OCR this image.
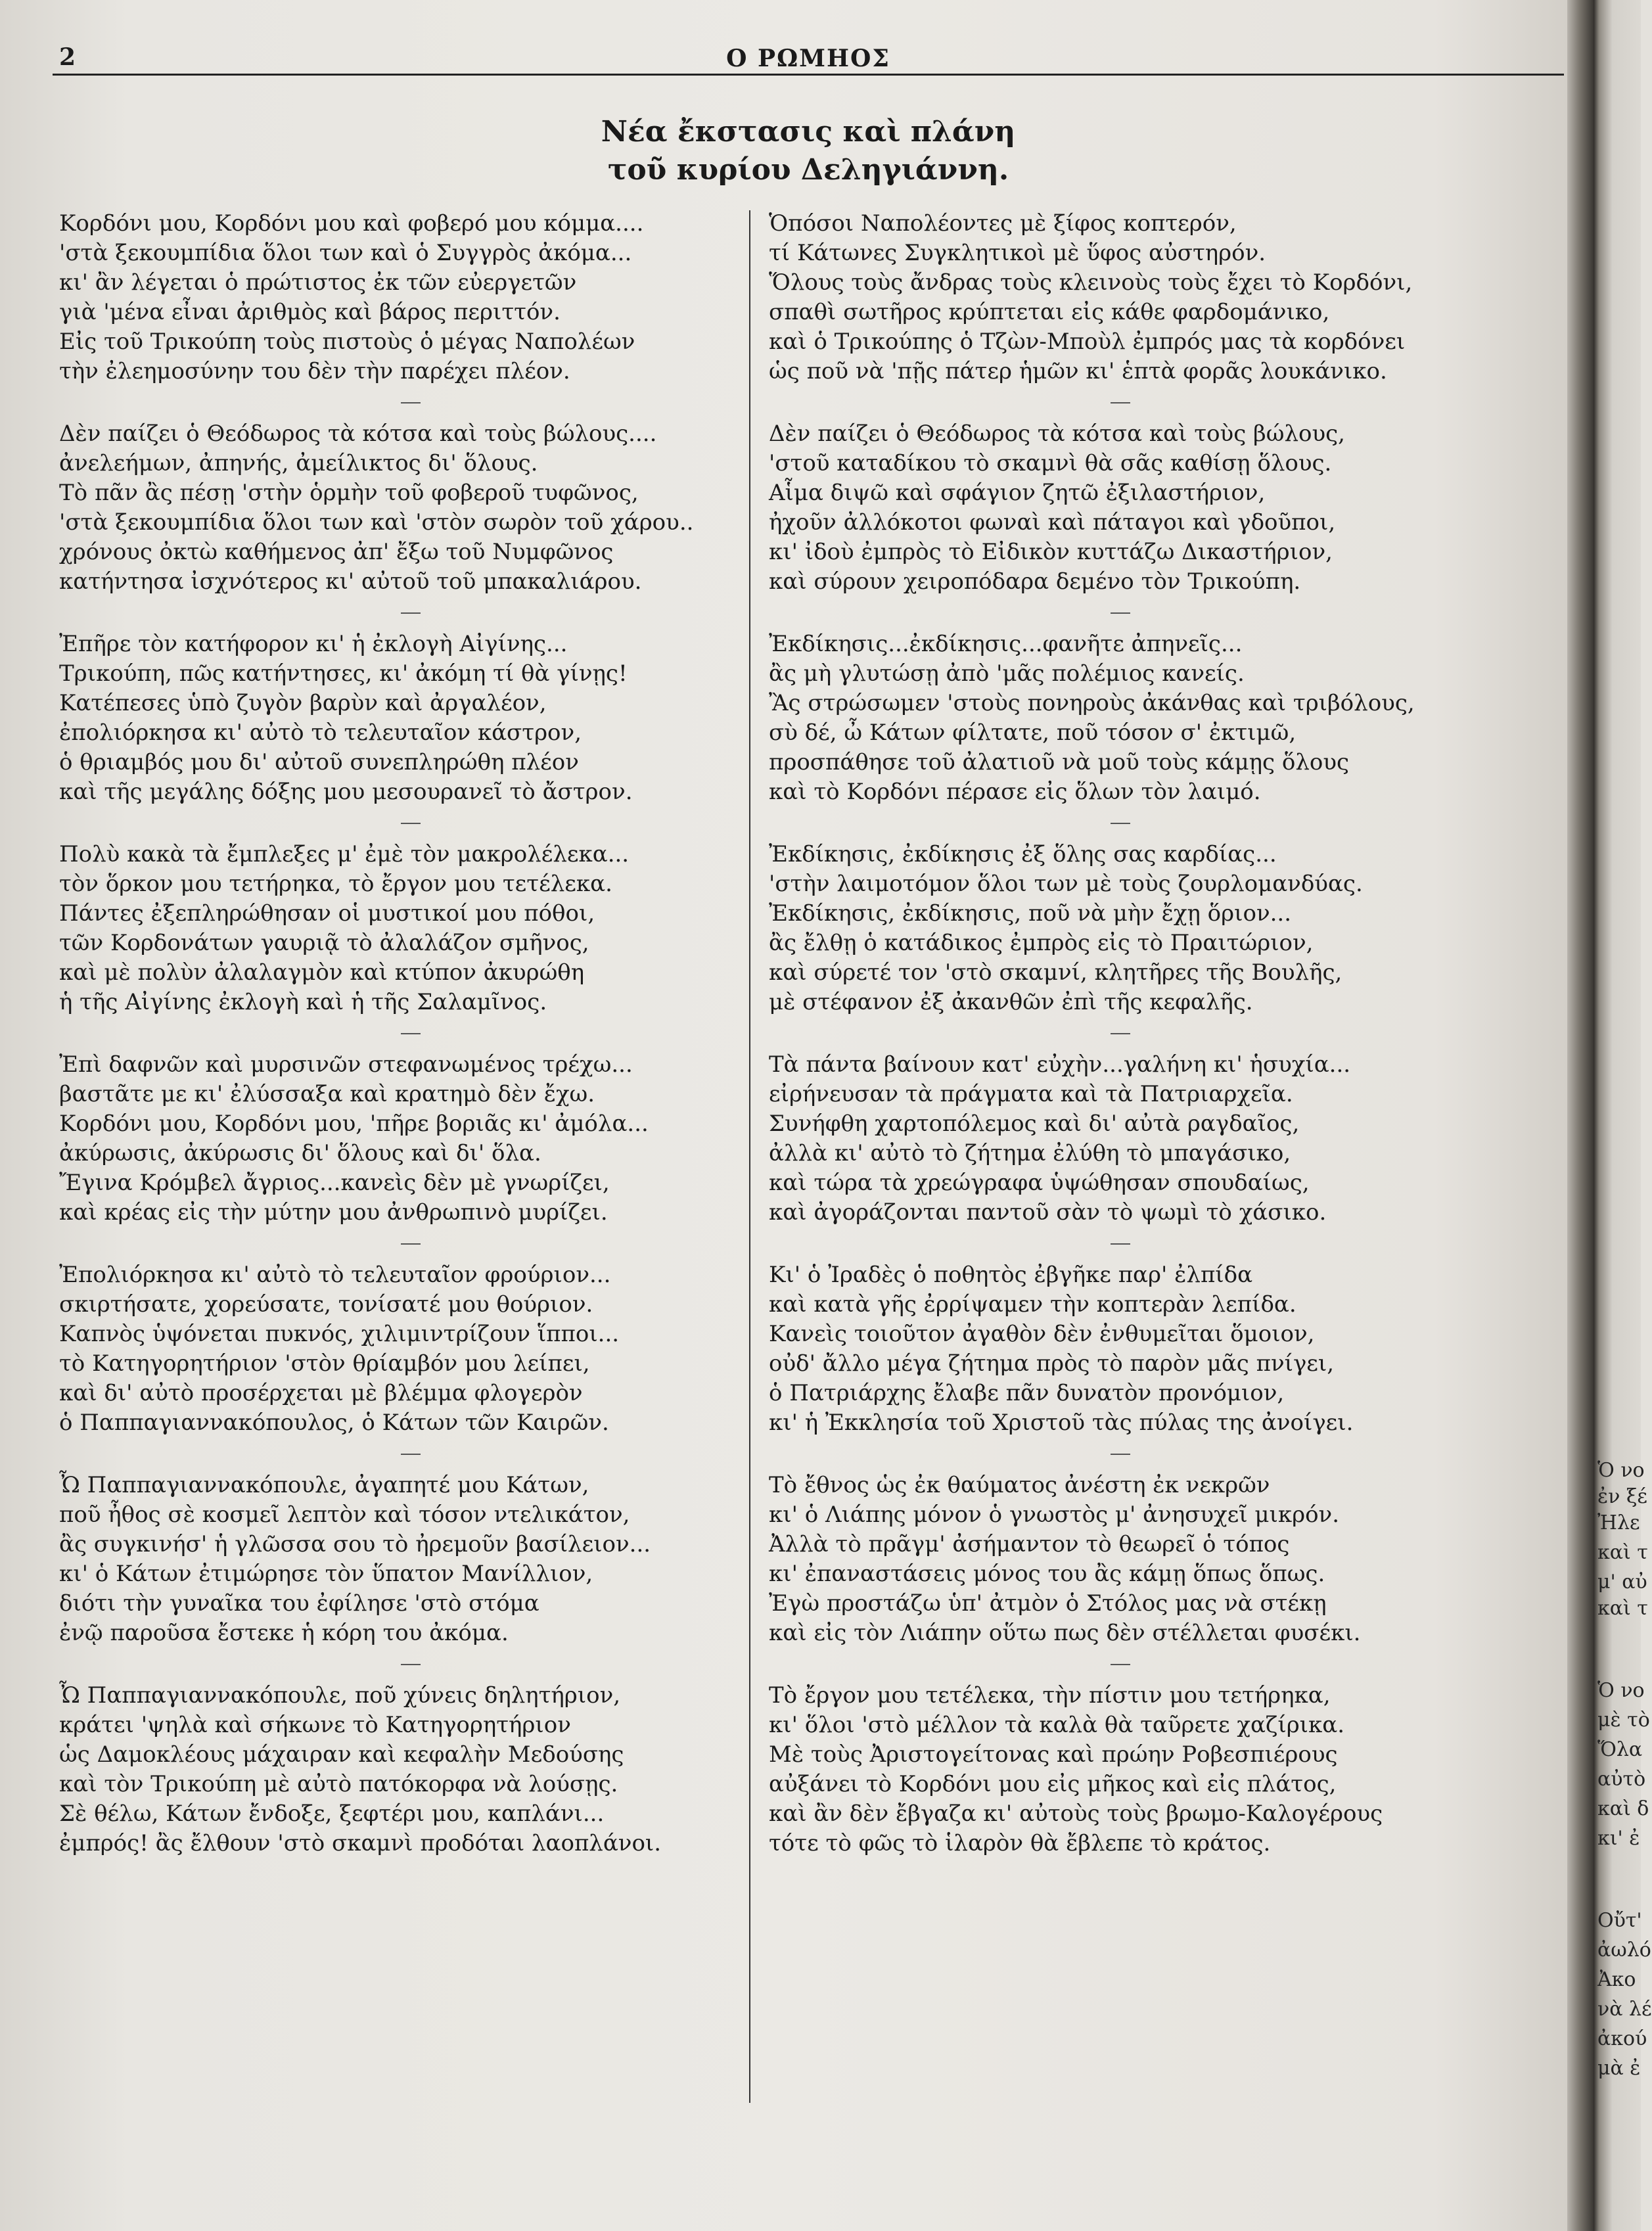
2	Ο ΡΩΜΗΟΣ
Νέα ἔκστασις καὶ πλάνη
τοῦ κυρίου Δεληγιάννη.
Κορδόνι μου, Κορδόνι μου καὶ φοβερό μου κόμμα....
'στὰ ξεκουμπίδια ὅλοι των καὶ ὁ Συγγρὸς ἀκόμα...
κι' ἂν λέγεται ὁ πρώτιστος ἐκ τῶν εὐεργετῶν
γιὰ 'μένα εἶναι ἀριθμὸς καὶ βάρος περιττόν.
Εἰς τοῦ Τρικούπη τοὺς πιστοὺς ὁ μέγας Ναπολέων
τὴν ἐλεημοσύνην του δὲν τὴν παρέχει πλέον.
Δὲν παίζει ὁ Θεόδωρος τὰ κότσα καὶ τοὺς βώλους....
ἀνελεήμων, ἀπηνής, ἀμείλικτος δι' ὅλους.
Τὸ πᾶν ἂς πέσῃ 'στὴν ὁρμὴν τοῦ φοβεροῦ τυφῶνος,
'στὰ ξεκουμπίδια ὅλοι των καὶ 'στὸν σωρὸν τοῦ χάρου..
χρόνους ὀκτὼ καθήμενος ἀπ' ἔξω τοῦ Νυμφῶνος
κατήντησα ἰσχνότερος κι' αὐτοῦ τοῦ μπακαλιάρου.
Ἐπῆρε τὸν κατήφορον κι' ἡ ἐκλογὴ Αἰγίνης...
Τρικούπη, πῶς κατήντησες, κι' ἀκόμη τί θὰ γίνῃς!
Κατέπεσες ὑπὸ ζυγὸν βαρὺν καὶ ἀργαλέον,
ἐπολιόρκησα κι' αὐτὸ τὸ τελευταῖον κάστρον,
ὁ θριαμβός μου δι' αὐτοῦ συνεπληρώθη πλέον
καὶ τῆς μεγάλης δόξης μου μεσουρανεῖ τὸ ἄστρον.
Πολὺ κακὰ τὰ ἔμπλεξες μ' ἐμὲ τὸν μακρολέλεκα...
τὸν ὅρκον μου τετήρηκα, τὸ ἔργον μου τετέλεκα.
Πάντες ἐξεπληρώθησαν οἱ μυστικοί μου πόθοι,
τῶν Κορδονάτων γαυριᾷ τὸ ἀλαλάζον σμῆνος,
καὶ μὲ πολὺν ἀλαλαγμὸν καὶ κτύπον ἀκυρώθη
ἡ τῆς Αἰγίνης ἐκλογὴ καὶ ἡ τῆς Σαλαμῖνος.
Ἐπὶ δαφνῶν καὶ μυρσινῶν στεφανωμένος τρέχω...
βαστᾶτε με κι' ἐλύσσαξα καὶ κρατημὸ δὲν ἔχω.
Κορδόνι μου, Κορδόνι μου, 'πῆρε βοριᾶς κι' ἀμόλα...
ἀκύρωσις, ἀκύρωσις δι' ὅλους καὶ δι' ὅλα.
Ἔγινα Κρόμβελ ἄγριος...κανεὶς δὲν μὲ γνωρίζει,
καὶ κρέας εἰς τὴν μύτην μου ἀνθρωπινὸ μυρίζει.
Ἐπολιόρκησα κι' αὐτὸ τὸ τελευταῖον φρούριον...
σκιρτήσατε, χορεύσατε, τονίσατέ μου θούριον.
Καπνὸς ὑψόνεται πυκνός, χιλιμιντρίζουν ἵπποι...
τὸ Κατηγορητήριον 'στὸν θρίαμβόν μου λείπει,
καὶ δι' αὐτὸ προσέρχεται μὲ βλέμμα φλογερὸν
ὁ Παππαγιαννακόπουλος, ὁ Κάτων τῶν Καιρῶν.
Ὦ Παππαγιαννακόπουλε, ἀγαπητέ μου Κάτων,
ποῦ ἦθος σὲ κοσμεῖ λεπτὸν καὶ τόσον ντελικάτον,
ἂς συγκινήσ' ἡ γλῶσσα σου τὸ ἠρεμοῦν βασίλειον...
κι' ὁ Κάτων ἐτιμώρησε τὸν ὕπατον Μανίλλιον,
διότι τὴν γυναῖκα του ἐφίλησε 'στὸ στόμα
ἐνῷ παροῦσα ἔστεκε ἡ κόρη του ἀκόμα.
Ὦ Παππαγιαννακόπουλε, ποῦ χύνεις δηλητήριον,
κράτει 'ψηλὰ καὶ σήκωνε τὸ Κατηγορητήριον
ὡς Δαμοκλέους μάχαιραν καὶ κεφαλὴν Μεδούσης
καὶ τὸν Τρικούπη μὲ αὐτὸ πατόκορφα νὰ λούσῃς.
Σὲ θέλω, Κάτων ἔνδοξε, ξεφτέρι μου, καπλάνι...
ἐμπρός! ἂς ἔλθουν 'στὸ σκαμνὶ προδόται λαοπλάνοι.
Ὁπόσοι Ναπολέοντες μὲ ξίφος κοπτερόν,
τί Κάτωνες Συγκλητικοὶ μὲ ὕφος αὐστηρόν.
Ὅλους τοὺς ἄνδρας τοὺς κλεινοὺς τοὺς ἔχει τὸ Κορδόνι,
σπαθὶ σωτῆρος κρύπτεται εἰς κάθε φαρδομάνικο,
καὶ ὁ Τρικούπης ὁ Τζὼν-Μποὺλ ἐμπρός μας τὰ κορδόνει
ὡς ποῦ νὰ 'πῇς πάτερ ἡμῶν κι' ἑπτὰ φορᾶς λουκάνικο.
Δὲν παίζει ὁ Θεόδωρος τὰ κότσα καὶ τοὺς βώλους,
'στοῦ καταδίκου τὸ σκαμνὶ θὰ σᾶς καθίσῃ ὅλους.
Αἷμα διψῶ καὶ σφάγιον ζητῶ ἐξιλαστήριον,
ἠχοῦν ἀλλόκοτοι φωναὶ καὶ πάταγοι καὶ γδοῦποι,
κι' ἰδοὺ ἐμπρὸς τὸ Εἰδικὸν κυττάζω Δικαστήριον,
καὶ σύρουν χειροπόδαρα δεμένο τὸν Τρικούπη.
Ἐκδίκησις...ἐκδίκησις...φανῆτε ἀπηνεῖς...
ἂς μὴ γλυτώσῃ ἀπὸ 'μᾶς πολέμιος κανείς.
Ἂς στρώσωμεν 'στοὺς πονηροὺς ἀκάνθας καὶ τριβόλους,
σὺ δέ, ὦ Κάτων φίλτατε, ποῦ τόσον σ' ἐκτιμῶ,
προσπάθησε τοῦ ἀλατιοῦ νὰ μοῦ τοὺς κάμῃς ὅλους
καὶ τὸ Κορδόνι πέρασε εἰς ὅλων τὸν λαιμό.
Ἐκδίκησις, ἐκδίκησις ἐξ ὅλης σας καρδίας...
'στὴν λαιμοτόμον ὅλοι των μὲ τοὺς ζουρλομανδύας.
Ἐκδίκησις, ἐκδίκησις, ποῦ νὰ μὴν ἔχῃ ὅριον...
ἂς ἔλθῃ ὁ κατάδικος ἐμπρὸς εἰς τὸ Πραιτώριον,
καὶ σύρετέ τον 'στὸ σκαμνί, κλητῆρες τῆς Βουλῆς,
μὲ στέφανον ἐξ ἀκανθῶν ἐπὶ τῆς κεφαλῆς.
Τὰ πάντα βαίνουν κατ' εὐχὴν...γαλήνη κι' ἡσυχία...
εἰρήνευσαν τὰ πράγματα καὶ τὰ Πατριαρχεῖα.
Συνήφθη χαρτοπόλεμος καὶ δι' αὐτὰ ραγδαῖος,
ἀλλὰ κι' αὐτὸ τὸ ζήτημα ἐλύθη τὸ μπαγάσικο,
καὶ τώρα τὰ χρεώγραφα ὑψώθησαν σπουδαίως,
καὶ ἀγοράζονται παντοῦ σὰν τὸ ψωμὶ τὸ χάσικο.
Κι' ὁ Ἰραδὲς ὁ ποθητὸς ἐβγῆκε παρ' ἐλπίδα
καὶ κατὰ γῆς ἐρρίψαμεν τὴν κοπτερὰν λεπίδα.
Κανεὶς τοιοῦτον ἀγαθὸν δὲν ἐνθυμεῖται ὅμοιον,
οὐδ' ἄλλο μέγα ζήτημα πρὸς τὸ παρὸν μᾶς πνίγει,
ὁ Πατριάρχης ἔλαβε πᾶν δυνατὸν προνόμιον,
κι' ἡ Ἐκκλησία τοῦ Χριστοῦ τὰς πύλας της ἀνοίγει.
Τὸ ἔθνος ὡς ἐκ θαύματος ἀνέστη ἐκ νεκρῶν
κι' ὁ Λιάπης μόνον ὁ γνωστὸς μ' ἀνησυχεῖ μικρόν.
Ἀλλὰ τὸ πρᾶγμ' ἀσήμαντον τὸ θεωρεῖ ὁ τόπος
κι' ἐπαναστάσεις μόνος του ἂς κάμῃ ὅπως ὅπως.
Ἐγὼ προστάζω ὑπ' ἀτμὸν ὁ Στόλος μας νὰ στέκῃ
καὶ εἰς τὸν Λιάπην οὕτω πως δὲν στέλλεται φυσέκι.
Τὸ ἔργον μου τετέλεκα, τὴν πίστιν μου τετήρηκα,
κι' ὅλοι 'στὸ μέλλον τὰ καλὰ θὰ ταῦρετε χαζίρικα.
Μὲ τοὺς Ἀριστογείτονας καὶ πρώην Ροβεσπιέρους
αὐξάνει τὸ Κορδόνι μου εἰς μῆκος καὶ εἰς πλάτος,
καὶ ἂν δὲν ἔβγαζα κι' αὐτοὺς τοὺς βρωμο-Καλογέρους
τότε τὸ φῶς τὸ ἱλαρὸν θὰ ἔβλεπε τὸ κράτος.
Ὁ νο
ἐν ξέ
Ἠλε
καὶ τ
μ' αὐ
καὶ τ
Ὁ νο
μὲ τὸ
Ὅλα
αὐτὸ
καὶ δ
κι' ἐ
Οὔτ'
ἀωλό
Ἀκο
νὰ λέ
ἀκού
μὰ ἐ
